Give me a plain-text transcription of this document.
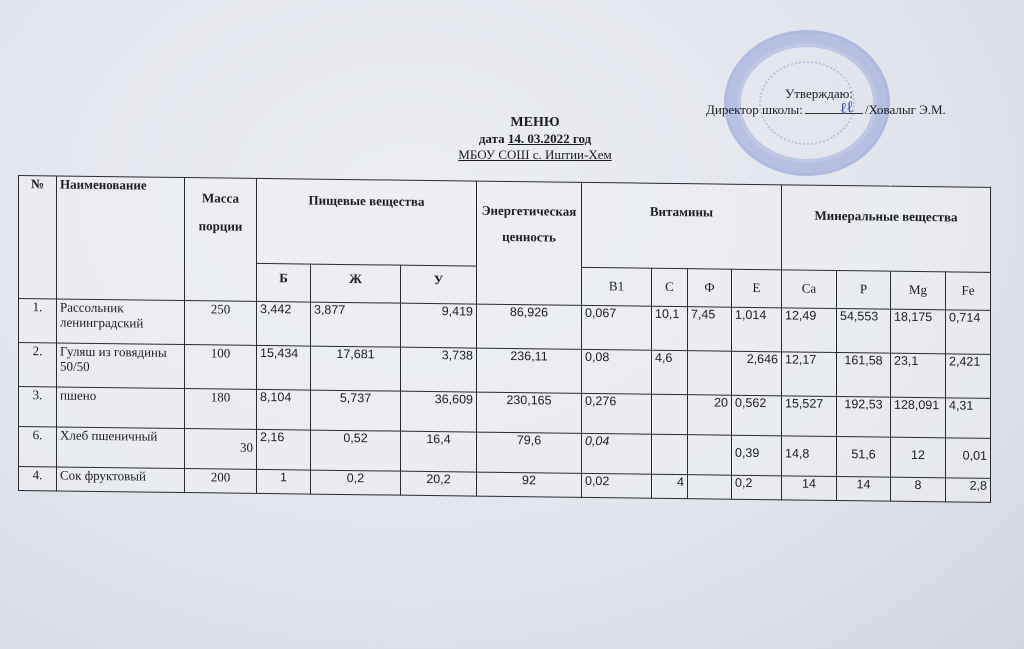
Утверждаю:
Директор школы:	/Ховалыг Э.М.
ℓℓ
МЕНЮ
дата 14. 03.2022 год
МБОУ СОШ с. Иштии-Хем
№	Наименование	Масса порции	Пищевые вещества			Энергетическая ценность	Витамины				Минеральные вещества			
			Б	Ж	У		B1	С	Ф	Е	Ca	P	Mg	Fe
1.	Рассольник ленинградский	250	3,442	3,877	9,419	86,926	0,067	10,1	7,45	1,014	12,49	54,553	18,175	0,714
2.	Гуляш из говядины 50/50	100	15,434	17,681	3,738	236,11	0,08	4,6		2,646	12,17	161,58	23,1	2,421
3.	пшено	180	8,104	5,737	36,609	230,165	0,276		20	0,562	15,527	192,53	128,091	4,31
6.	Хлеб пшеничный	30	2,16	0,52	16,4	79,6	0,04			0,39	14,8	51,6	12	0,01
4.	Сок фруктовый	200	1	0,2	20,2	92	0,02	4		0,2	14	14	8	2,8
